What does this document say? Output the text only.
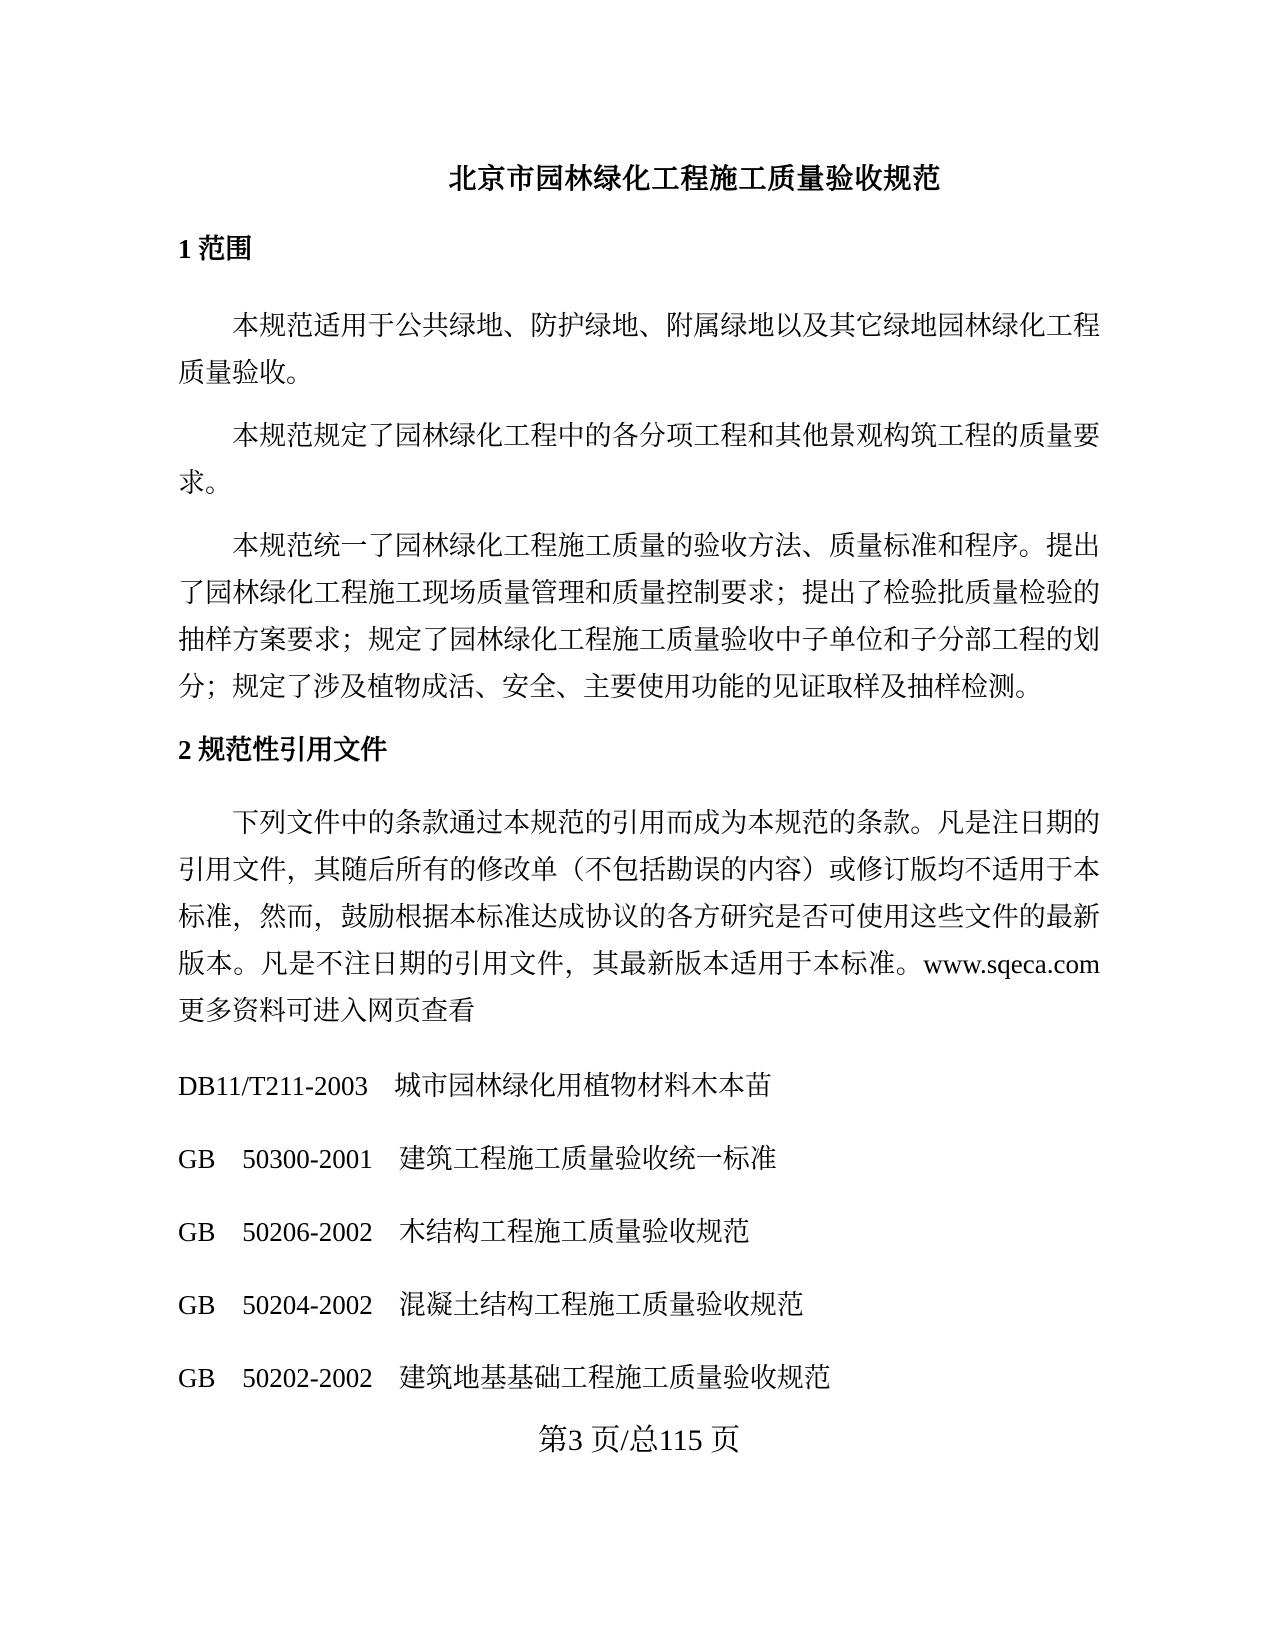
北京市园林绿化工程施工质量验收规范
1 范围

本规范适用于公共绿地、防护绿地、附属绿地以及其它绿地园林绿化工程质量验收。

本规范规定了园林绿化工程中的各分项工程和其他景观构筑工程的质量要求。

本规范统一了园林绿化工程施工质量的验收方法、质量标准和程序。提出了园林绿化工程施工现场质量管理和质量控制要求；提出了检验批质量检验的抽样方案要求；规定了园林绿化工程施工质量验收中子单位和子分部工程的划分；规定了涉及植物成活、安全、主要使用功能的见证取样及抽样检测。

2 规范性引用文件

下列文件中的条款通过本规范的引用而成为本规范的条款。凡是注日期的引用文件，其随后所有的修改单（不包括勘误的内容）或修订版均不适用于本标准，然而，鼓励根据本标准达成协议的各方研究是否可使用这些文件的最新版本。凡是不注日期的引用文件，其最新版本适用于本标准。www.sqeca.com 更多资料可进入网页查看

DB11/T211-2003 城市园林绿化用植物材料木本苗
GB 50300-2001 建筑工程施工质量验收统一标准
GB 50206-2002 木结构工程施工质量验收规范
GB 50204-2002 混凝土结构工程施工质量验收规范
GB 50202-2002 建筑地基基础工程施工质量验收规范
第3 页/总115 页
